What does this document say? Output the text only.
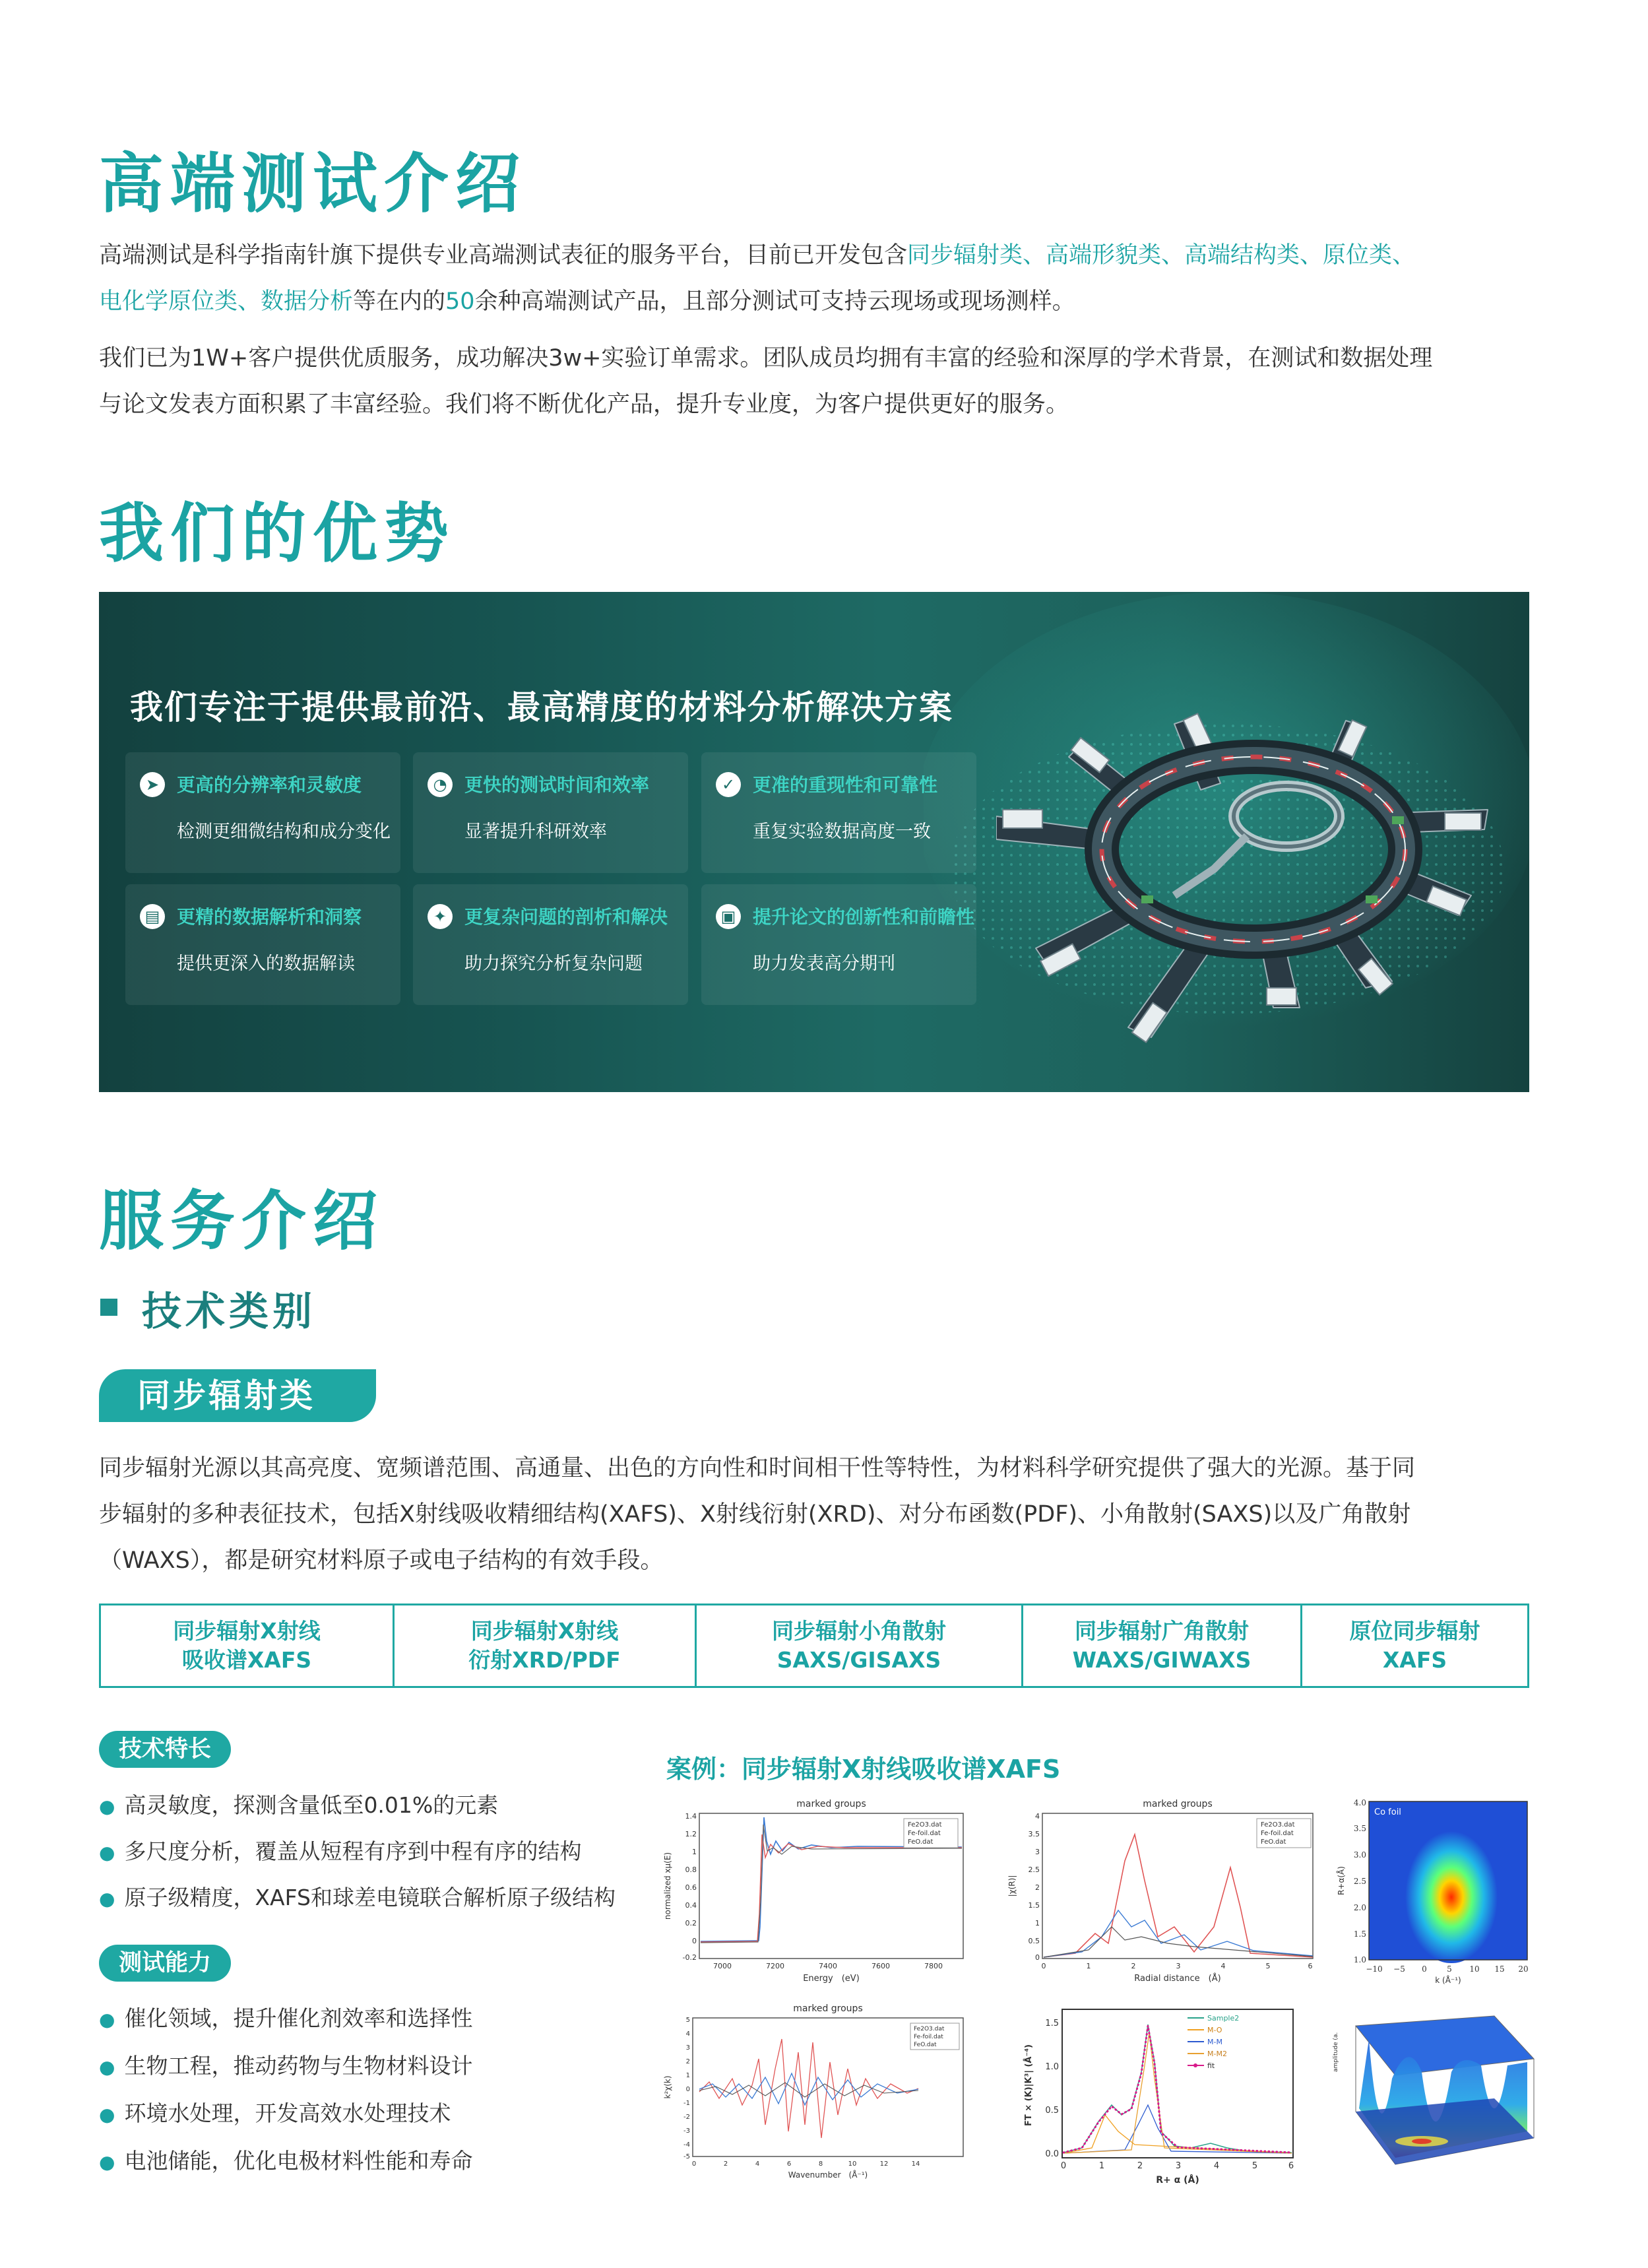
高端测试介绍
高端测试是科学指南针旗下提供专业高端测试表征的服务平台，目前已开发包含同步辐射类、高端形貌类、高端结构类、原位类、
电化学原位类、数据分析等在内的50余种高端测试产品，且部分测试可支持云现场或现场测样。
我们已为1W+客户提供优质服务，成功解决3w+实验订单需求。团队成员均拥有丰富的经验和深厚的学术背景，在测试和数据处理
与论文发表方面积累了丰富经验。我们将不断优化产品，提升专业度，为客户提供更好的服务。
我们的优势
我们专注于提供最前沿、最高精度的材料分析解决方案
➤ 更高的分辨率和灵敏度
检测更细微结构和成分变化
◔ 更快的测试时间和效率
显著提升科研效率
✓ 更准的重现性和可靠性
重复实验数据高度一致
▤ 更精的数据解析和洞察
提供更深入的数据解读
✦ 更复杂问题的剖析和解决
助力探究分析复杂问题
▣ 提升论文的创新性和前瞻性
助力发表高分期刊
服务介绍
技术类别
同步辐射类
同步辐射光源以其高亮度、宽频谱范围、高通量、出色的方向性和时间相干性等特性，为材料科学研究提供了强大的光源。基于同
步辐射的多种表征技术，包括X射线吸收精细结构(XAFS)、X射线衍射(XRD)、对分布函数(PDF)、小角散射(SAXS)以及广角散射
（WAXS），都是研究材料原子或电子结构的有效手段。
同步辐射X射线
吸收谱XAFS

同步辐射X射线
衍射XRD/PDF

同步辐射小角散射
SAXS/GISAXS

同步辐射广角散射
WAXS/GIWAXS

原位同步辐射
XAFS
技术特长
● 高灵敏度，探测含量低至0.01%的元素
● 多尺度分析，覆盖从短程有序到中程有序的结构
● 原子级精度，XAFS和球差电镜联合解析原子级结构
测试能力
● 催化领域，提升催化剂效率和选择性
● 生物工程，推动药物与生物材料设计
● 环境水处理，开发高效水处理技术
● 电池储能，优化电极材料性能和寿命
案例：同步辐射X射线吸收谱XAFS
marked groups
1.4
1.2
1
0.8
0.6
0.4
0.2
0
-0.2
7000	7200	7400	7600	7800
Energy　(eV)
normalized xμ(E)
Fe2O3.dat
Fe-foil.dat
FeO.dat
marked groups
4
3.5
3
2.5
2
1.5
1
0.5
0
0	1	2	3	4	5	6
Radial distance　(Å)
|χ(R)|
Fe2O3.dat
Fe-foil.dat
FeO.dat
Co foil
4.0
3.5
3.0
2.5
2.0
1.5
1.0
−10 −5 0	5 10 15 20
k (Å⁻¹)
R+α(Å)
marked groups
5
4
3
2
1
0
-1
-2
-3
-4
-5
0	2	4	6	8	10	12	14
Wavenumber　(Å⁻¹)
k²χ(k)
Fe2O3.dat
Fe-foil.dat
FeO.dat
1.5
1.0
0.5
0.0
0	1	2	3	4	5	6
R+ α (Å)
FT × (K)|K³| (Å⁻⁴)
Sample2
M-O
M-M
M-M2
fit	amplitude (a.
